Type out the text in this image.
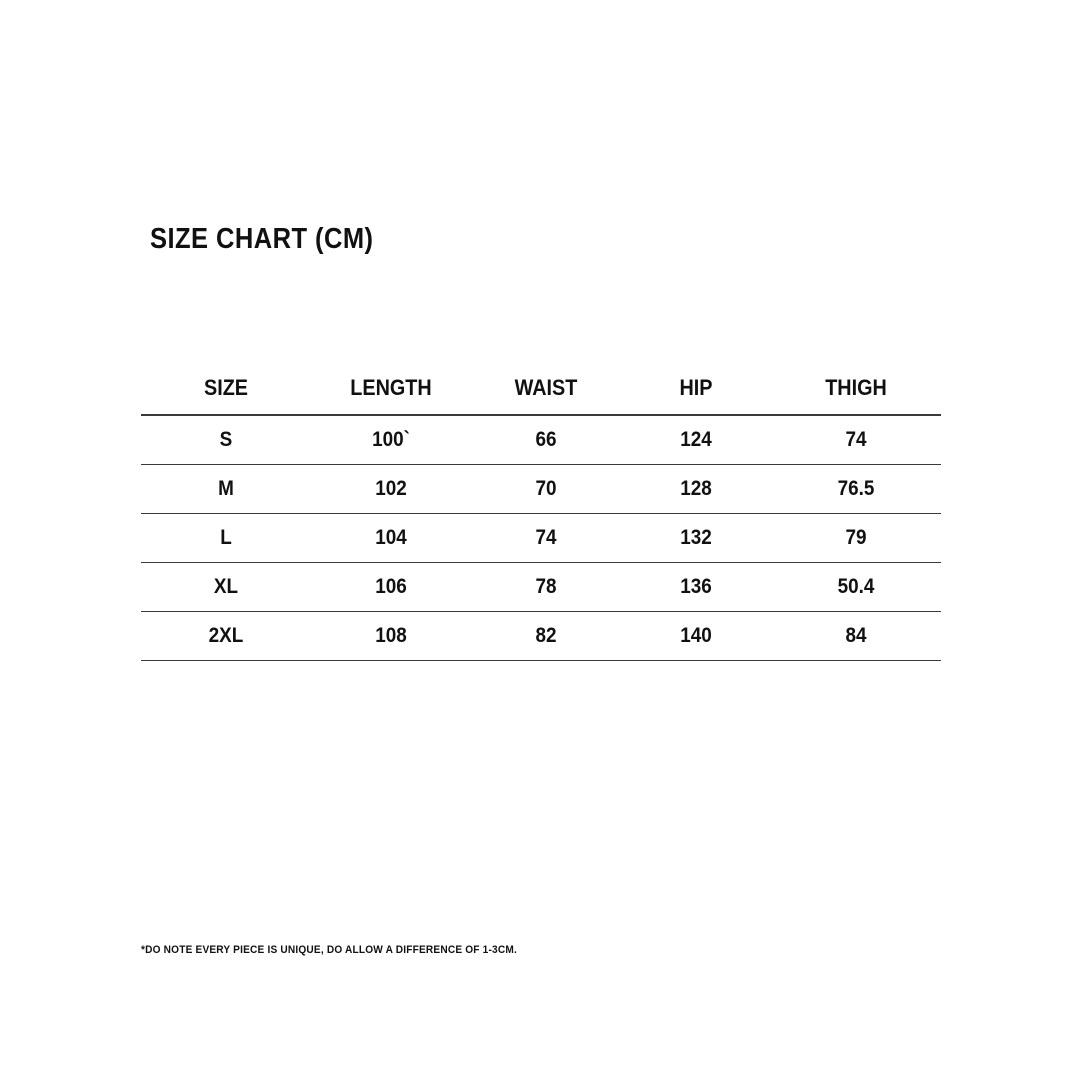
SIZE CHART (CM)
SIZE	LENGTH	WAIST	HIP	THIGH
S	100`	66	124	74
M	102	70	128	76.5
L	104	74	132	79
XL	106	78	136	50.4
2XL	108	82	140	84
*DO NOTE EVERY PIECE IS UNIQUE, DO ALLOW A DIFFERENCE OF 1-3CM.
